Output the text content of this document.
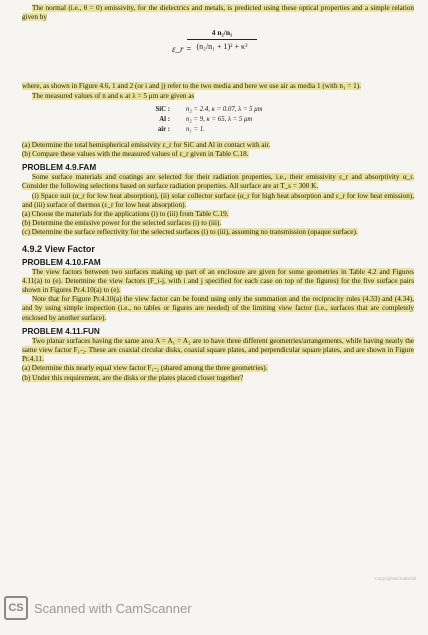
The normal (i.e., θ = 0) emissivity, for the dielectrics and metals, is predicted using these optical properties and a simple relation given by

ε_r =
4 n₂/n₁
(n₂/n₁ + 1)² + κ²

where, as shown in Figure 4.6, 1 and 2 (or i and j) refer to the two media and here we use air as media 1 (with n₁ = 1).

The measured values of n and κ at λ = 5 μm are given as

SiC : n₂ = 2.4, κ = 0.07, λ = 5 μm
Al : n₂ = 9, κ = 65, λ = 5 μm
air : n₁ = 1.

(a) Determine the total hemispherical emissivity ε_r for SiC and Al in contact with air.

(b) Compare these values with the measured values of ε_r given in Table C.18.

PROBLEM 4.9.FAM

Some surface materials and coatings are selected for their radiation properties, i.e., their emissivity ε_r and absorptivity α_r. Consider the following selections based on surface radiation properties. All surface are at T_s = 300 K.

(i) Space suit (α_r for low heat absorption), (ii) solar collector surface (α_r for high heat absorption and ε_r for low heat emission), and (iii) surface of thermos (ε_r for low heat absorption).

(a) Choose the materials for the applications (i) to (iii) from Table C.19.

(b) Determine the emissive power for the selected surfaces (i) to (iii).

(c) Determine the surface reflectivity for the selected surfaces (i) to (iii), assuming no transmission (opaque surface).

4.9.2 View Factor
PROBLEM 4.10.FAM

The view factors between two surfaces making up part of an enclosure are given for some geometries in Table 4.2 and Figures 4.11(a) to (e). Determine the view factors (F_i-j, with i and j specified for each case on top of the figures) for the five surface pairs shown in Figures Pr.4.10(a) to (e).

Note that for Figure Pr.4.10(a) the view factor can be found using only the summation and the reciprocity rules (4.33) and (4.34), and by using simple inspection (i.e., no tables or figures are needed) of the limiting view factor (i.e., surfaces that are completely enclosed by another surface).

PROBLEM 4.11.FUN

Two planar surfaces having the same area A = A₁ = A₂ are to have three different geometries/arrangements, while having nearly the same view factor F₁-₂. These are coaxial circular disks, coaxial square plates, and perpendicular square plates, and are shown in Figure Pr.4.11.

(a) Determine this nearly equal view factor F₁-₂ (shared among the three geometries).

(b) Under this requirement, are the disks or the plates placed closer together?

Copyrighted material
CS Scanned with CamScanner
